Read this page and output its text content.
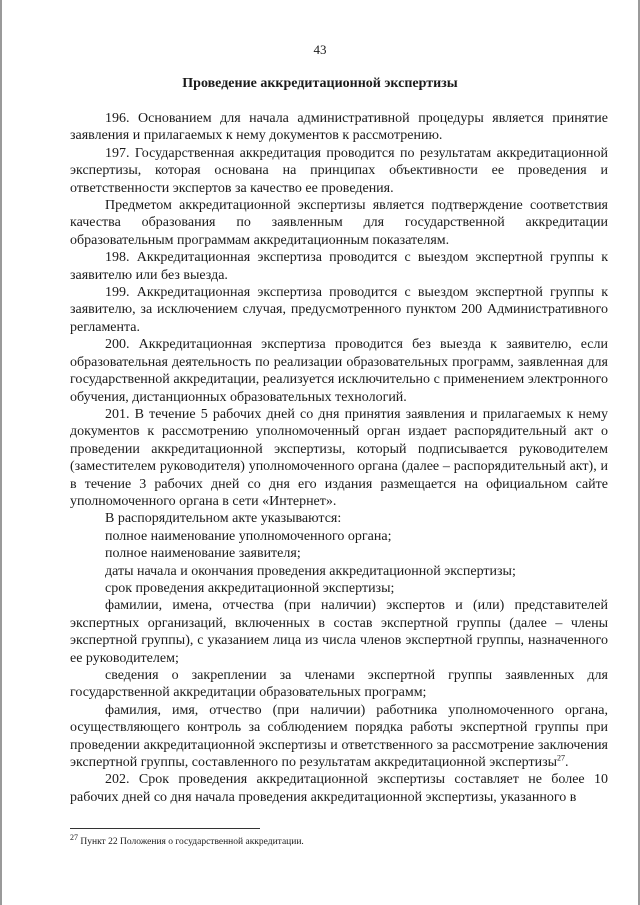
43
Проведение аккредитационной экспертизы

196. Основанием для начала административной процедуры является принятие заявления и прилагаемых к нему документов к рассмотрению.

197. Государственная аккредитация проводится по результатам аккредитационной экспертизы, которая основана на принципах объективности ее проведения и ответственности экспертов за качество ее проведения.

Предметом аккредитационной экспертизы является подтверждение соответствия качества образования по заявленным для государственной аккредитации образовательным программам аккредитационным показателям.

198. Аккредитационная экспертиза проводится с выездом экспертной группы к заявителю или без выезда.

199. Аккредитационная экспертиза проводится с выездом экспертной группы к заявителю, за исключением случая, предусмотренного пунктом 200 Административного регламента.

200. Аккредитационная экспертиза проводится без выезда к заявителю, если образовательная деятельность по реализации образовательных программ, заявленная для государственной аккредитации, реализуется исключительно с применением электронного обучения, дистанционных образовательных технологий.

201. В течение 5 рабочих дней со дня принятия заявления и прилагаемых к нему документов к рассмотрению уполномоченный орган издает распорядительный акт о проведении аккредитационной экспертизы, который подписывается руководителем (заместителем руководителя) уполномоченного органа (далее – распорядительный акт), и в течение 3 рабочих дней со дня его издания размещается на официальном сайте уполномоченного органа в сети «Интернет».

В распорядительном акте указываются:

полное наименование уполномоченного органа;

полное наименование заявителя;

даты начала и окончания проведения аккредитационной экспертизы;

срок проведения аккредитационной экспертизы;

фамилии, имена, отчества (при наличии) экспертов и (или) представителей экспертных организаций, включенных в состав экспертной группы (далее – члены экспертной группы), с указанием лица из числа членов экспертной группы, назначенного ее руководителем;

сведения о закреплении за членами экспертной группы заявленных для государственной аккредитации образовательных программ;

фамилия, имя, отчество (при наличии) работника уполномоченного органа, осуществляющего контроль за соблюдением порядка работы экспертной группы при проведении аккредитационной экспертизы и ответственного за рассмотрение заключения экспертной группы, составленного по результатам аккредитационной экспертизы$^{27}$.

202. Срок проведения аккредитационной экспертизы составляет не более 10 рабочих дней со дня начала проведения аккредитационной экспертизы, указанного в

$^{27}$ Пункт 22 Положения о государственной аккредитации.
